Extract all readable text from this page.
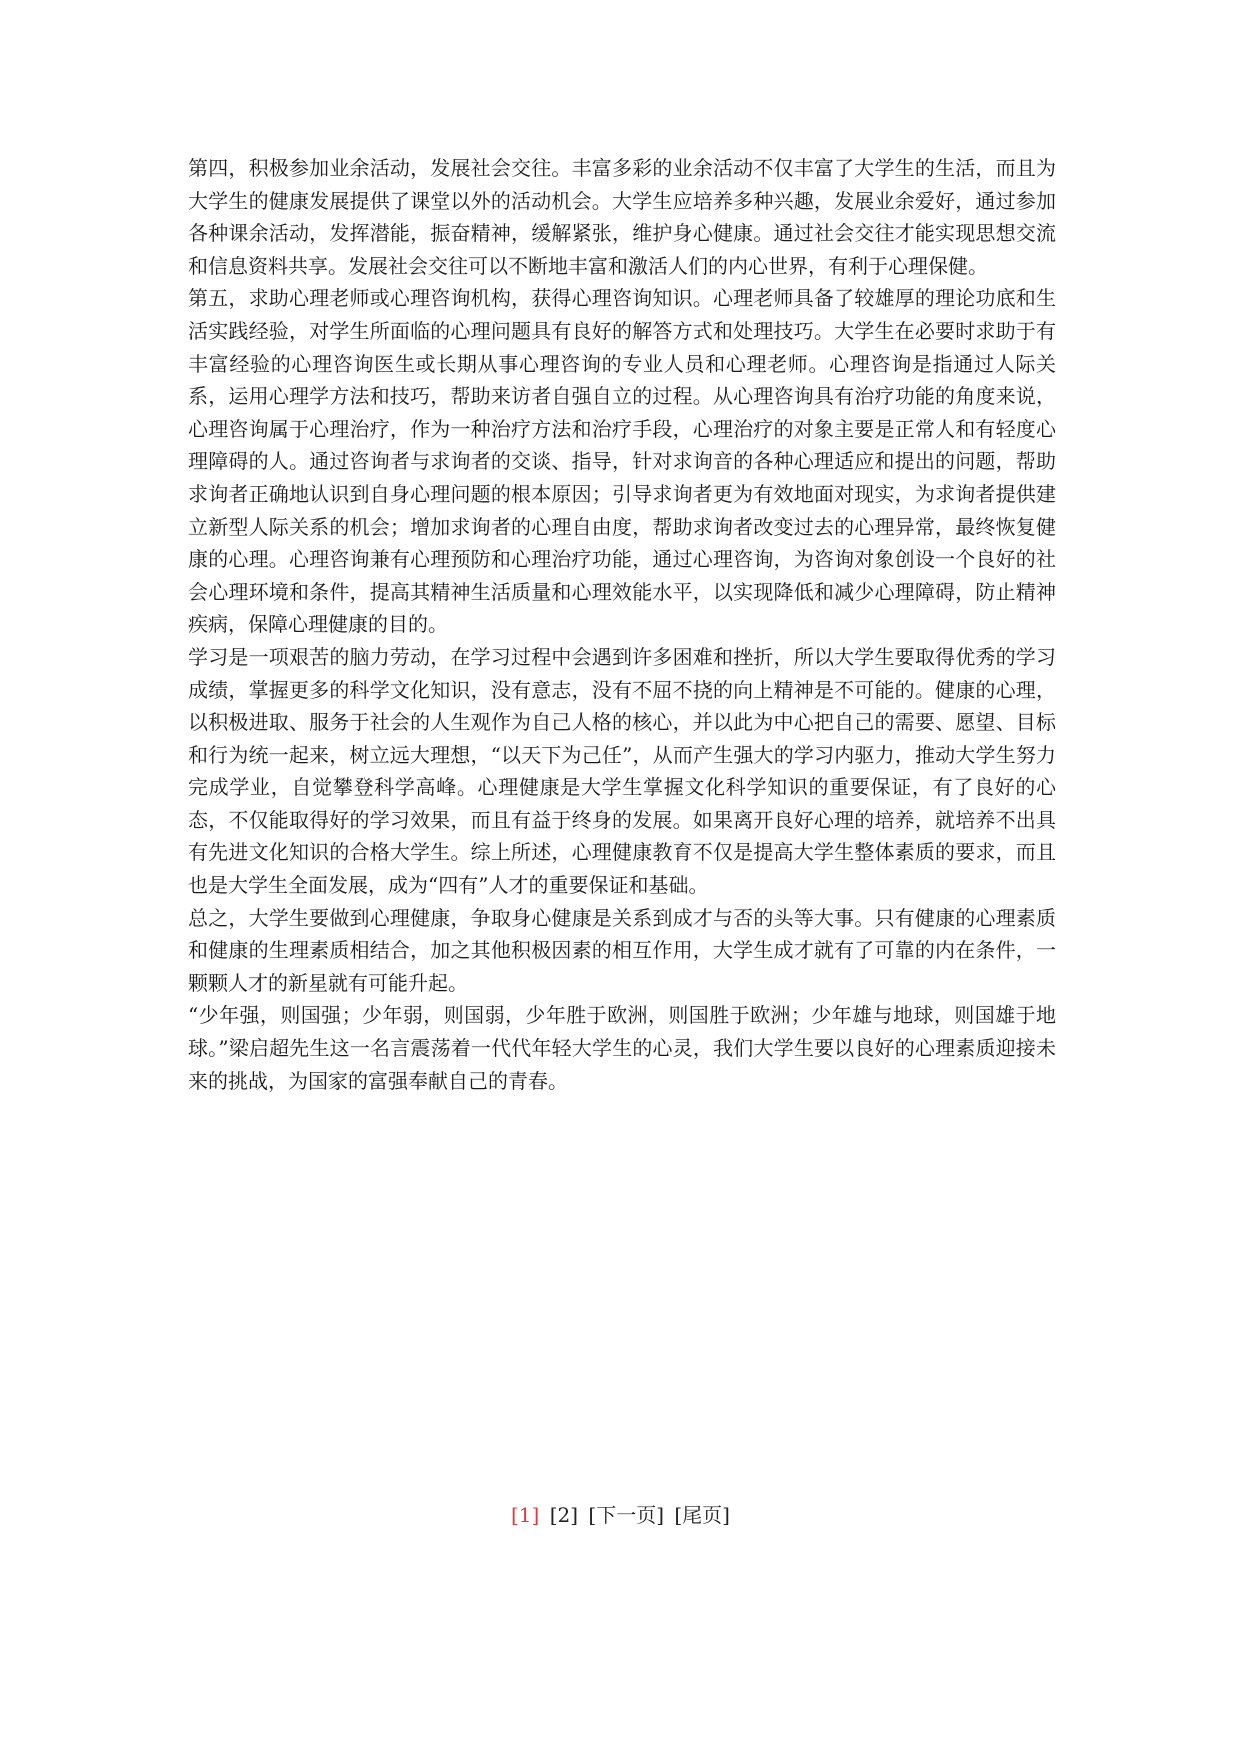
第四，积极参加业余活动，发展社会交往。丰富多彩的业余活动不仅丰富了大学生的生活，而且为大学生的健康发展提供了课堂以外的活动机会。大学生应培养多种兴趣，发展业余爱好，通过参加各种课余活动，发挥潜能，振奋精神，缓解紧张，维护身心健康。通过社会交往才能实现思想交流和信息资料共享。发展社会交往可以不断地丰富和激活人们的内心世界，有利于心理保健。

第五，求助心理老师或心理咨询机构，获得心理咨询知识。心理老师具备了较雄厚的理论功底和生活实践经验，对学生所面临的心理问题具有良好的解答方式和处理技巧。大学生在必要时求助于有丰富经验的心理咨询医生或长期从事心理咨询的专业人员和心理老师。心理咨询是指通过人际关系，运用心理学方法和技巧，帮助来访者自强自立的过程。从心理咨询具有治疗功能的角度来说，心理咨询属于心理治疗，作为一种治疗方法和治疗手段，心理治疗的对象主要是正常人和有轻度心理障碍的人。通过咨询者与求询者的交谈、指导，针对求询音的各种心理适应和提出的问题，帮助求询者正确地认识到自身心理问题的根本原因；引导求询者更为有效地面对现实，为求询者提供建立新型人际关系的机会；增加求询者的心理自由度，帮助求询者改变过去的心理异常，最终恢复健康的心理。心理咨询兼有心理预防和心理治疗功能，通过心理咨询，为咨询对象创设一个良好的社会心理环境和条件，提高其精神生活质量和心理效能水平，以实现降低和减少心理障碍，防止精神疾病，保障心理健康的目的。

学习是一项艰苦的脑力劳动，在学习过程中会遇到许多困难和挫折，所以大学生要取得优秀的学习成绩，掌握更多的科学文化知识，没有意志，没有不屈不挠的向上精神是不可能的。健康的心理，以积极进取、服务于社会的人生观作为自己人格的核心，并以此为中心把自己的需要、愿望、目标和行为统一起来，树立远大理想，“以天下为己任”，从而产生强大的学习内驱力，推动大学生努力完成学业，自觉攀登科学高峰。心理健康是大学生掌握文化科学知识的重要保证，有了良好的心态，不仅能取得好的学习效果，而且有益于终身的发展。如果离开良好心理的培养，就培养不出具有先进文化知识的合格大学生。综上所述，心理健康教育不仅是提高大学生整体素质的要求，而且也是大学生全面发展，成为“四有”人才的重要保证和基础。

总之，大学生要做到心理健康，争取身心健康是关系到成才与否的头等大事。只有健康的心理素质和健康的生理素质相结合，加之其他积极因素的相互作用，大学生成才就有了可靠的内在条件，一颗颗人才的新星就有可能升起。

“少年强，则国强；少年弱，则国弱，少年胜于欧洲，则国胜于欧洲；少年雄与地球，则国雄于地球。”梁启超先生这一名言震荡着一代代年轻大学生的心灵，我们大学生要以良好的心理素质迎接未来的挑战，为国家的富强奉献自己的青春。

[1] [2] [下一页] [尾页]
